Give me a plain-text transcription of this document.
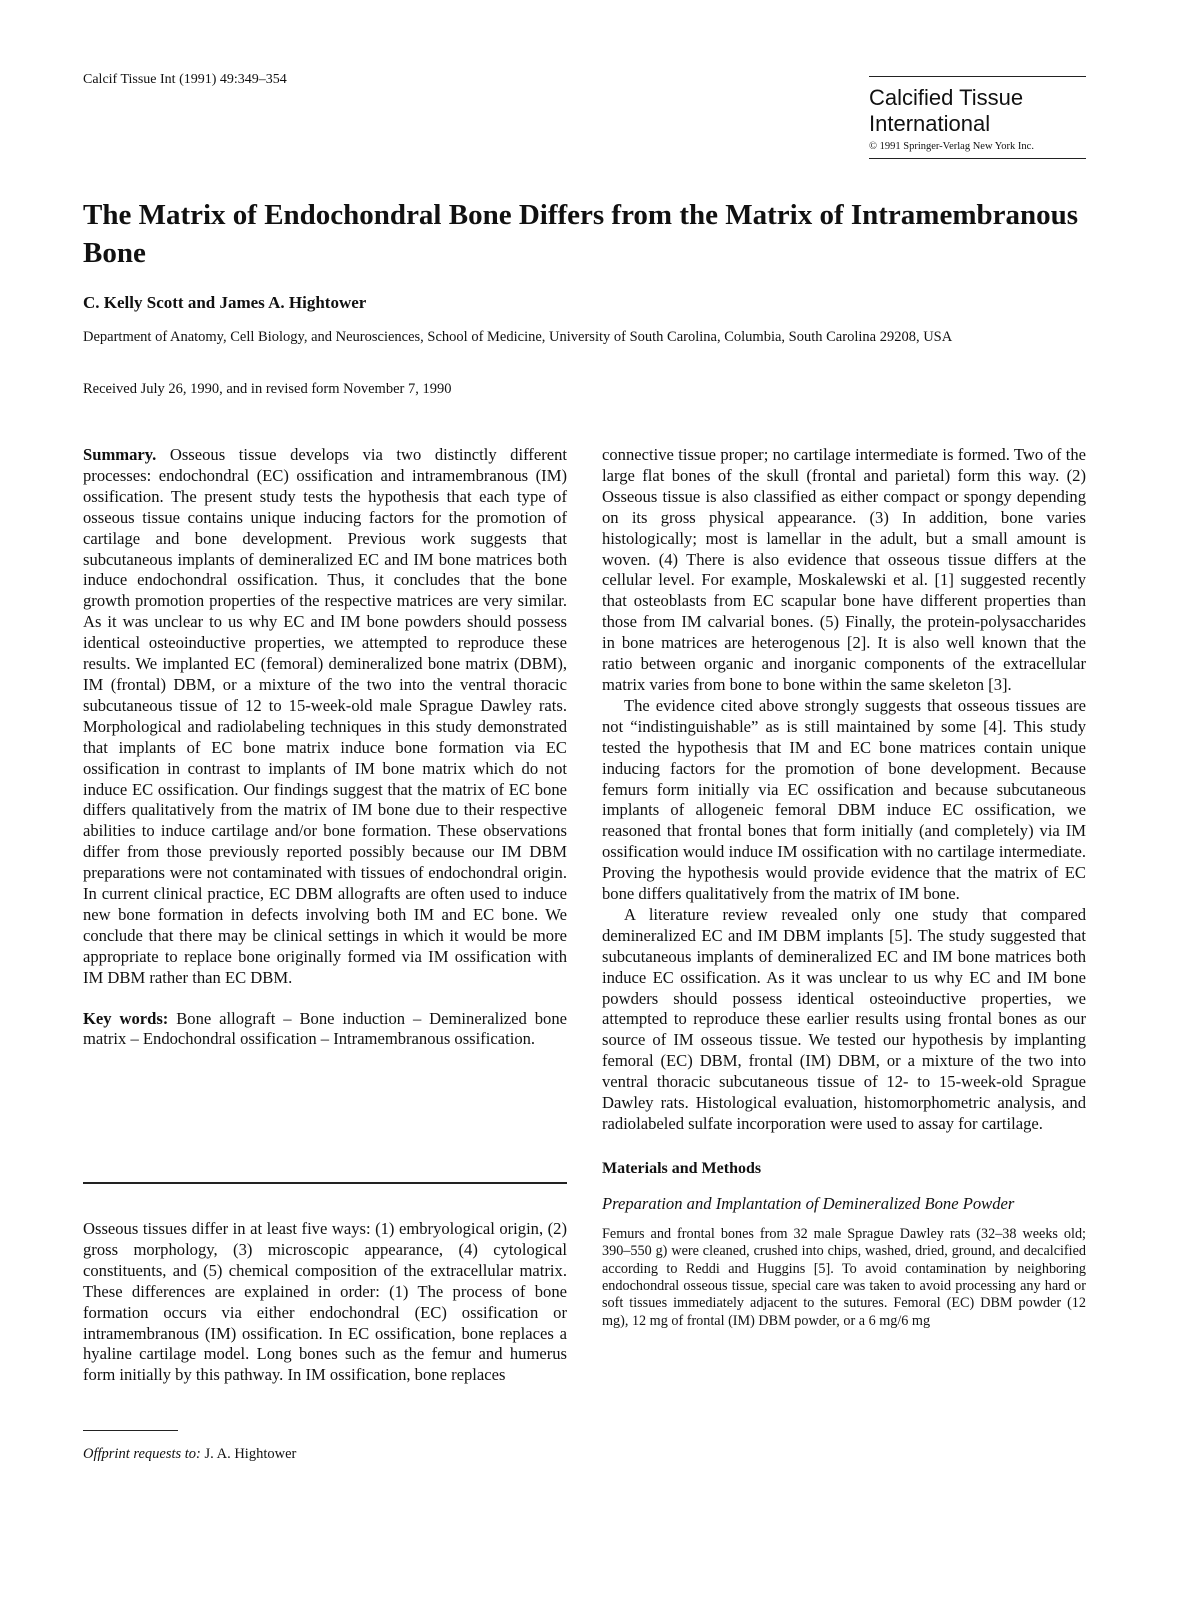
Calcif Tissue Int (1991) 49:349–354
Calcified Tissue
International
© 1991 Springer-Verlag New York Inc.
The Matrix of Endochondral Bone Differs from the Matrix of Intramembranous Bone
C. Kelly Scott and James A. Hightower
Department of Anatomy, Cell Biology, and Neurosciences, School of Medicine, University of South Carolina, Columbia, South Carolina 29208, USA
Received July 26, 1990, and in revised form November 7, 1990

Summary. Osseous tissue develops via two distinctly different processes: endochondral (EC) ossification and intramembranous (IM) ossification. The present study tests the hypothesis that each type of osseous tissue contains unique inducing factors for the promotion of cartilage and bone development. Previous work suggests that subcutaneous implants of demineralized EC and IM bone matrices both induce endochondral ossification. Thus, it concludes that the bone growth promotion properties of the respective matrices are very similar. As it was unclear to us why EC and IM bone powders should possess identical osteoinductive properties, we attempted to reproduce these results. We implanted EC (femoral) demineralized bone matrix (DBM), IM (frontal) DBM, or a mixture of the two into the ventral thoracic subcutaneous tissue of 12 to 15-week-old male Sprague Dawley rats. Morphological and radiolabeling techniques in this study demonstrated that implants of EC bone matrix induce bone formation via EC ossification in contrast to implants of IM bone matrix which do not induce EC ossification. Our findings suggest that the matrix of EC bone differs qualitatively from the matrix of IM bone due to their respective abilities to induce cartilage and/or bone formation. These observations differ from those previously reported possibly because our IM DBM preparations were not contaminated with tissues of endochondral origin. In current clinical practice, EC DBM allografts are often used to induce new bone formation in defects involving both IM and EC bone. We conclude that there may be clinical settings in which it would be more appropriate to replace bone originally formed via IM ossification with IM DBM rather than EC DBM.

Key words: Bone allograft – Bone induction – Demineralized bone matrix – Endochondral ossification – Intramembranous ossification.

Osseous tissues differ in at least five ways: (1) embryological origin, (2) gross morphology, (3) microscopic appearance, (4) cytological constituents, and (5) chemical composition of the extracellular matrix. These differences are explained in order: (1) The process of bone formation occurs via either endochondral (EC) ossification or intramembranous (IM) ossification. In EC ossification, bone replaces a hyaline cartilage model. Long bones such as the femur and humerus form initially by this pathway. In IM ossification, bone replaces
Offprint requests to: J. A. Hightower

connective tissue proper; no cartilage intermediate is formed. Two of the large flat bones of the skull (frontal and parietal) form this way. (2) Osseous tissue is also classified as either compact or spongy depending on its gross physical appearance. (3) In addition, bone varies histologically; most is lamellar in the adult, but a small amount is woven. (4) There is also evidence that osseous tissue differs at the cellular level. For example, Moskalewski et al. [1] suggested recently that osteoblasts from EC scapular bone have different properties than those from IM calvarial bones. (5) Finally, the protein-polysaccharides in bone matrices are heterogenous [2]. It is also well known that the ratio between organic and inorganic components of the extracellular matrix varies from bone to bone within the same skeleton [3].

The evidence cited above strongly suggests that osseous tissues are not “indistinguishable” as is still maintained by some [4]. This study tested the hypothesis that IM and EC bone matrices contain unique inducing factors for the promotion of bone development. Because femurs form initially via EC ossification and because subcutaneous implants of allogeneic femoral DBM induce EC ossification, we reasoned that frontal bones that form initially (and completely) via IM ossification would induce IM ossification with no cartilage intermediate. Proving the hypothesis would provide evidence that the matrix of EC bone differs qualitatively from the matrix of IM bone.

A literature review revealed only one study that compared demineralized EC and IM DBM implants [5]. The study suggested that subcutaneous implants of demineralized EC and IM bone matrices both induce EC ossification. As it was unclear to us why EC and IM bone powders should possess identical osteoinductive properties, we attempted to reproduce these earlier results using frontal bones as our source of IM osseous tissue. We tested our hypothesis by implanting femoral (EC) DBM, frontal (IM) DBM, or a mixture of the two into ventral thoracic subcutaneous tissue of 12- to 15-week-old Sprague Dawley rats. Histological evaluation, histomorphometric analysis, and radiolabeled sulfate incorporation were used to assay for cartilage.

Materials and Methods

Preparation and Implantation of Demineralized Bone Powder

Femurs and frontal bones from 32 male Sprague Dawley rats (32–38 weeks old; 390–550 g) were cleaned, crushed into chips, washed, dried, ground, and decalcified according to Reddi and Huggins [5]. To avoid contamination by neighboring endochondral osseous tissue, special care was taken to avoid processing any hard or soft tissues immediately adjacent to the sutures. Femoral (EC) DBM powder (12 mg), 12 mg of frontal (IM) DBM powder, or a 6 mg/6 mg
